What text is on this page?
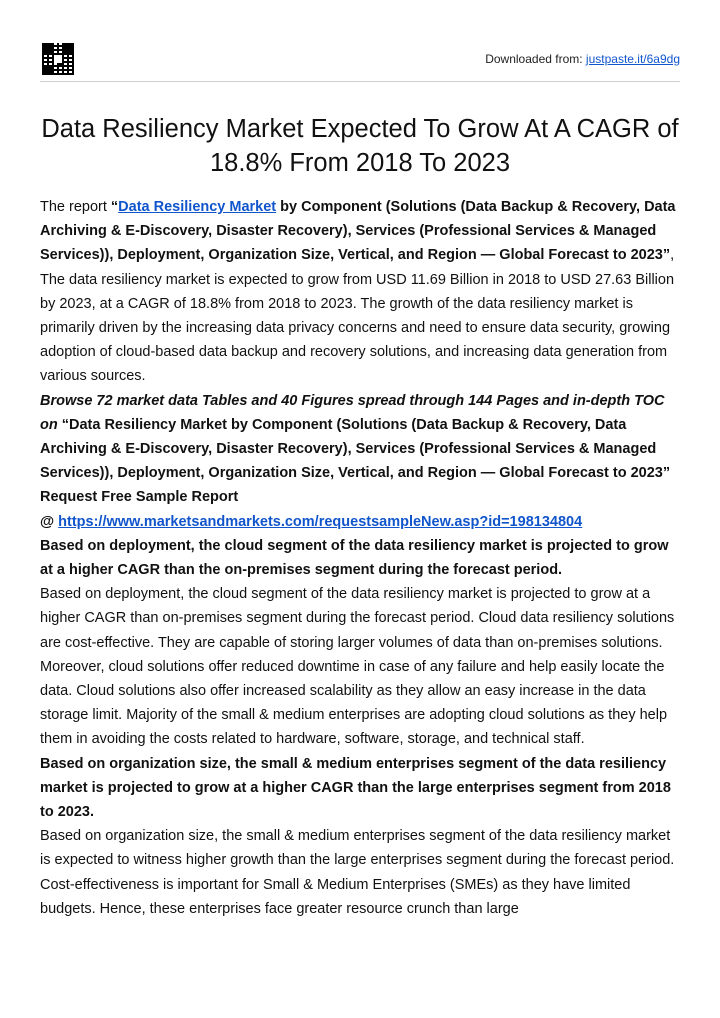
Downloaded from: justpaste.it/6a9dg
Data Resiliency Market Expected To Grow At A CAGR of 18.8% From 2018 To 2023

The report “Data Resiliency Market by Component (Solutions (Data Backup & Recovery, Data Archiving & E-Discovery, Disaster Recovery), Services (Professional Services & Managed Services)), Deployment, Organization Size, Vertical, and Region — Global Forecast to 2023”, The data resiliency market is expected to grow from USD 11.69 Billion in 2018 to USD 27.63 Billion by 2023, at a CAGR of 18.8% from 2018 to 2023. The growth of the data resiliency market is primarily driven by the increasing data privacy concerns and need to ensure data security, growing adoption of cloud-based data backup and recovery solutions, and increasing data generation from various sources.

Browse 72 market data Tables and 40 Figures spread through 144 Pages and in-depth TOC on “Data Resiliency Market by Component (Solutions (Data Backup & Recovery, Data Archiving & E-Discovery, Disaster Recovery), Services (Professional Services & Managed Services)), Deployment, Organization Size, Vertical, and Region — Global Forecast to 2023”

Request Free Sample Report

@ https://www.marketsandmarkets.com/requestsampleNew.asp?id=198134804

Based on deployment, the cloud segment of the data resiliency market is projected to grow at a higher CAGR than the on-premises segment during the forecast period.

Based on deployment, the cloud segment of the data resiliency market is projected to grow at a higher CAGR than on-premises segment during the forecast period. Cloud data resiliency solutions are cost-effective. They are capable of storing larger volumes of data than on-premises solutions. Moreover, cloud solutions offer reduced downtime in case of any failure and help easily locate the data. Cloud solutions also offer increased scalability as they allow an easy increase in the data storage limit. Majority of the small & medium enterprises are adopting cloud solutions as they help them in avoiding the costs related to hardware, software, storage, and technical staff.

Based on organization size, the small & medium enterprises segment of the data resiliency market is projected to grow at a higher CAGR than the large enterprises segment from 2018 to 2023.

Based on organization size, the small & medium enterprises segment of the data resiliency market is expected to witness higher growth than the large enterprises segment during the forecast period. Cost-effectiveness is important for Small & Medium Enterprises (SMEs) as they have limited budgets. Hence, these enterprises face greater resource crunch than large
